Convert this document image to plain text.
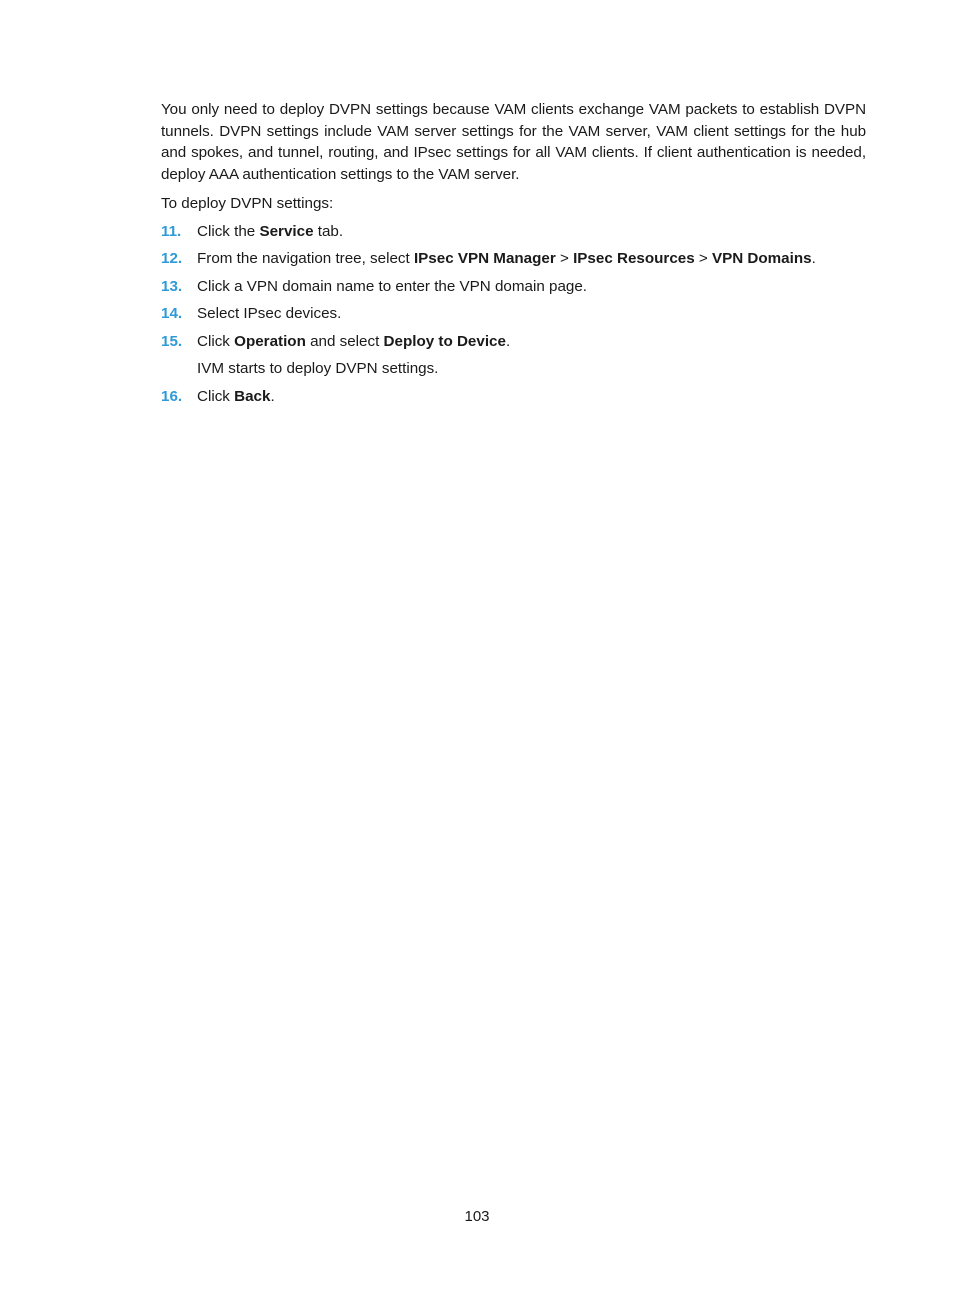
You only need to deploy DVPN settings because VAM clients exchange VAM packets to establish DVPN tunnels. DVPN settings include VAM server settings for the VAM server, VAM client settings for the hub and spokes, and tunnel, routing, and IPsec settings for all VAM clients. If client authentication is needed, deploy AAA authentication settings to the VAM server.

To deploy DVPN settings:

11. Click the Service tab.
12. From the navigation tree, select IPsec VPN Manager > IPsec Resources > VPN Domains.
13. Click a VPN domain name to enter the VPN domain page.
14. Select IPsec devices.
15. Click Operation and select Deploy to Device.
IVM starts to deploy DVPN settings.
16. Click Back.
103
